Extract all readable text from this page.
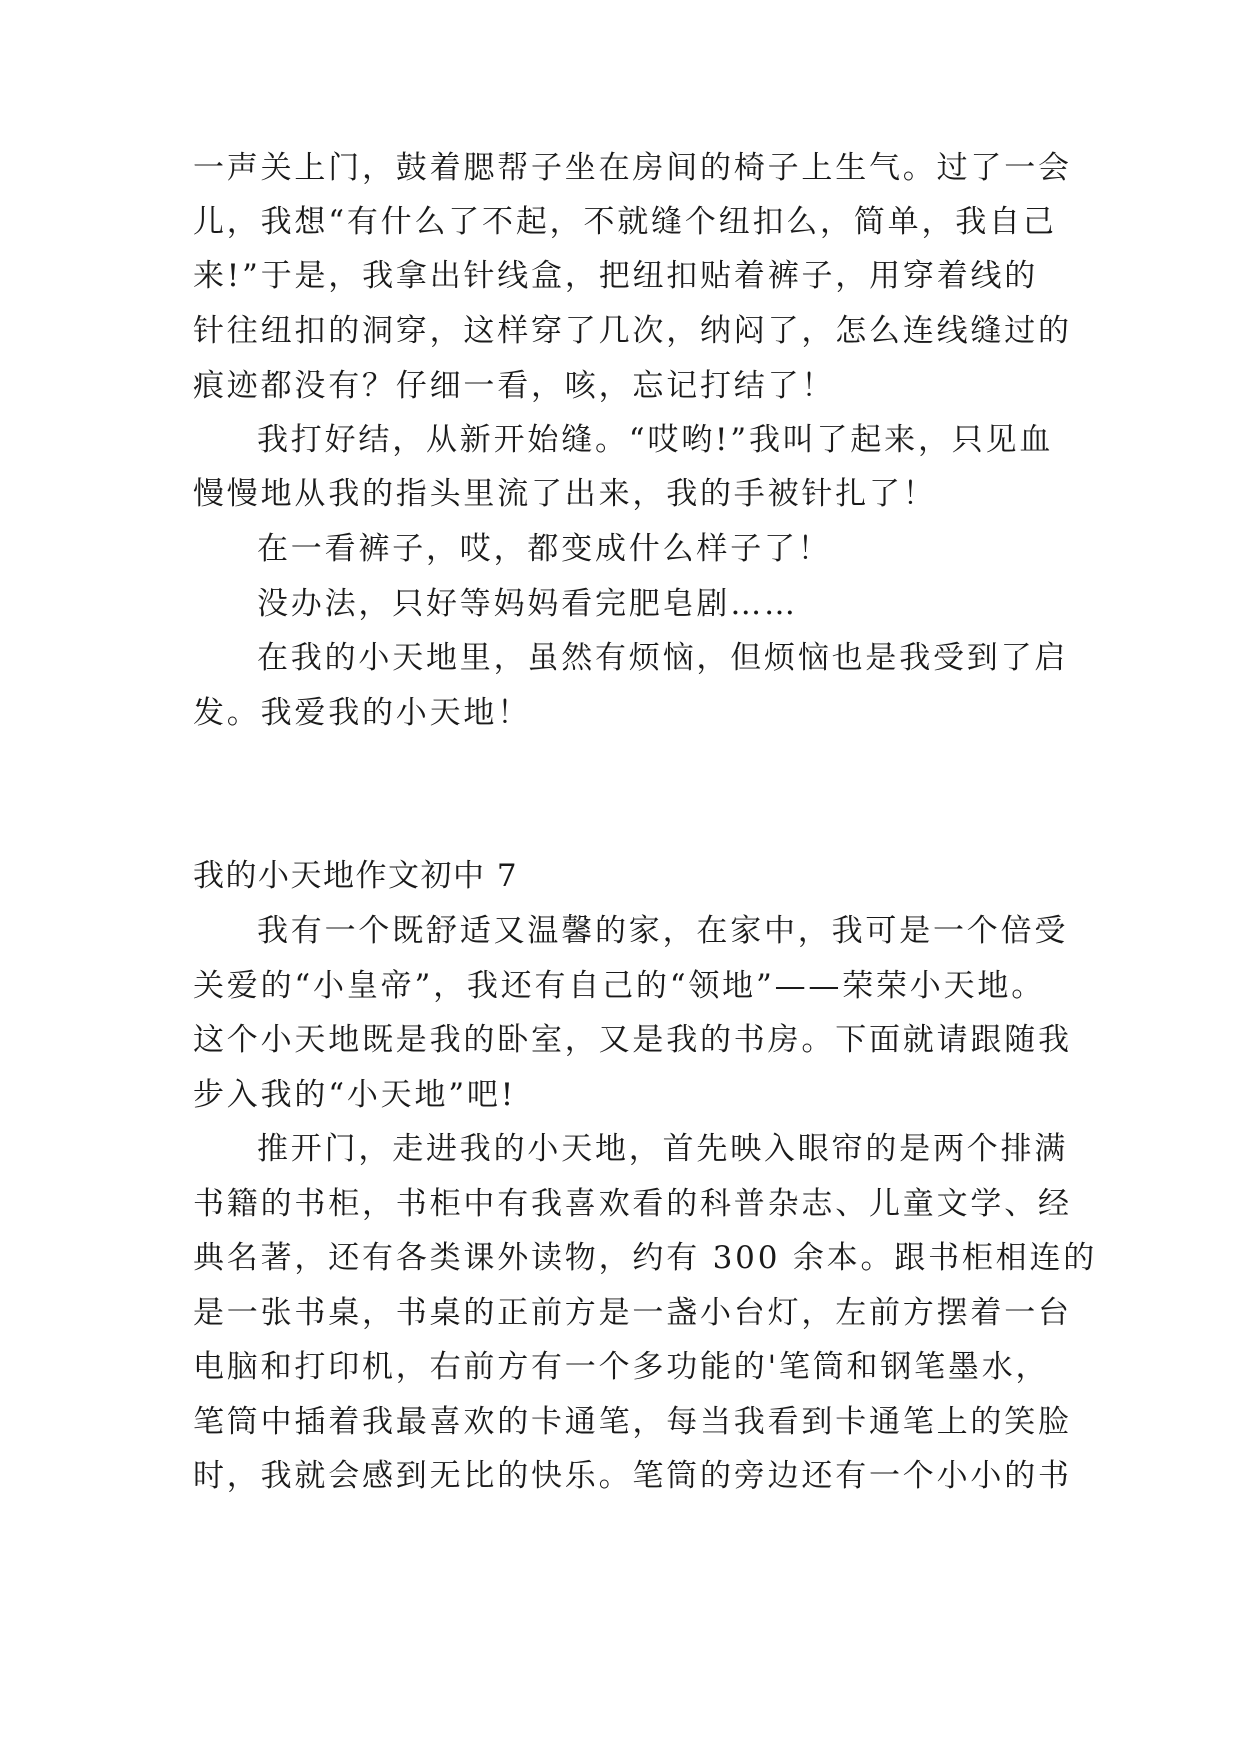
一声关上门，鼓着腮帮子坐在房间的椅子上生气。过了一会
儿，我想“有什么了不起，不就缝个纽扣么，简单，我自己
来!”于是，我拿出针线盒，把纽扣贴着裤子，用穿着线的
针往纽扣的洞穿，这样穿了几次，纳闷了，怎么连线缝过的
痕迹都没有？仔细一看，咳，忘记打结了！
我打好结，从新开始缝。“哎哟!”我叫了起来，只见血
慢慢地从我的指头里流了出来，我的手被针扎了！
在一看裤子，哎，都变成什么样子了！
没办法，只好等妈妈看完肥皂剧……
在我的小天地里，虽然有烦恼，但烦恼也是我受到了启
发。我爱我的小天地！
我的小天地作文初中 7
我有一个既舒适又温馨的家，在家中，我可是一个倍受
关爱的“小皇帝”，我还有自己的“领地”——荣荣小天地。
这个小天地既是我的卧室，又是我的书房。下面就请跟随我
步入我的“小天地”吧!
推开门，走进我的小天地，首先映入眼帘的是两个排满
书籍的书柜，书柜中有我喜欢看的科普杂志、儿童文学、经
典名著，还有各类课外读物，约有 300 余本。跟书柜相连的
是一张书桌，书桌的正前方是一盏小台灯，左前方摆着一台
电脑和打印机，右前方有一个多功能的'笔筒和钢笔墨水，
笔筒中插着我最喜欢的卡通笔，每当我看到卡通笔上的笑脸
时，我就会感到无比的快乐。笔筒的旁边还有一个小小的书
